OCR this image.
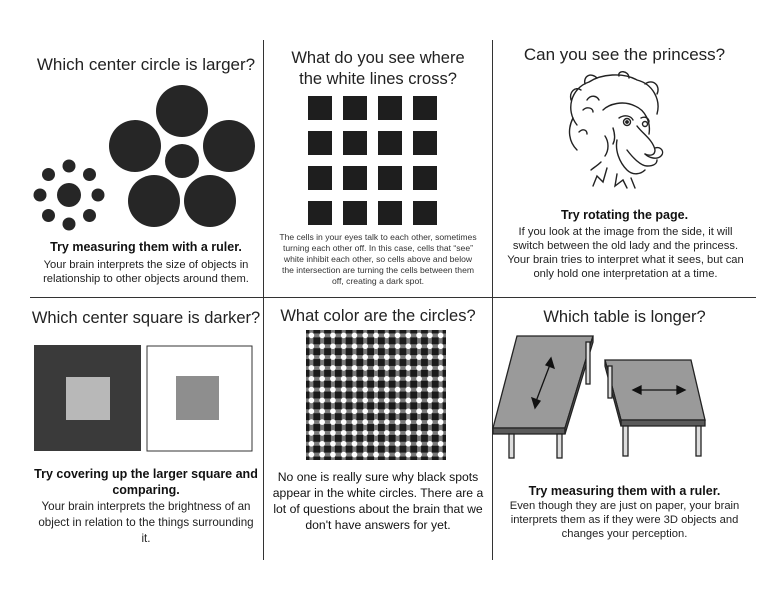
Which center circle is larger?
Try measuring them with a ruler.
Your brain interprets the size of objects in relationship to other objects around them.
What do you see where the white lines cross?
The cells in your eyes talk to each other, sometimes turning each other off. In this case, cells that “see” white inhibit each other, so cells above and below the intersection are turning the cells between them off, creating a dark spot.
Can you see the princess?
Try rotating the page.
If you look at the image from the side, it will switch between the old lady and the princess. Your brain tries to interpret what it sees, but can only hold one interpretation at a time.
Which center square is darker?
Try covering up the larger square and comparing.
Your brain interprets the brightness of an object in relation to the things surrounding it.
What color are the circles?
No one is really sure why black spots appear in the white circles. There are a lot of questions about the brain that we don't have answers for yet.
Which table is longer?
Try measuring them with a ruler.
Even though they are just on paper, your brain interprets them as if they were 3D objects and changes your perception.
